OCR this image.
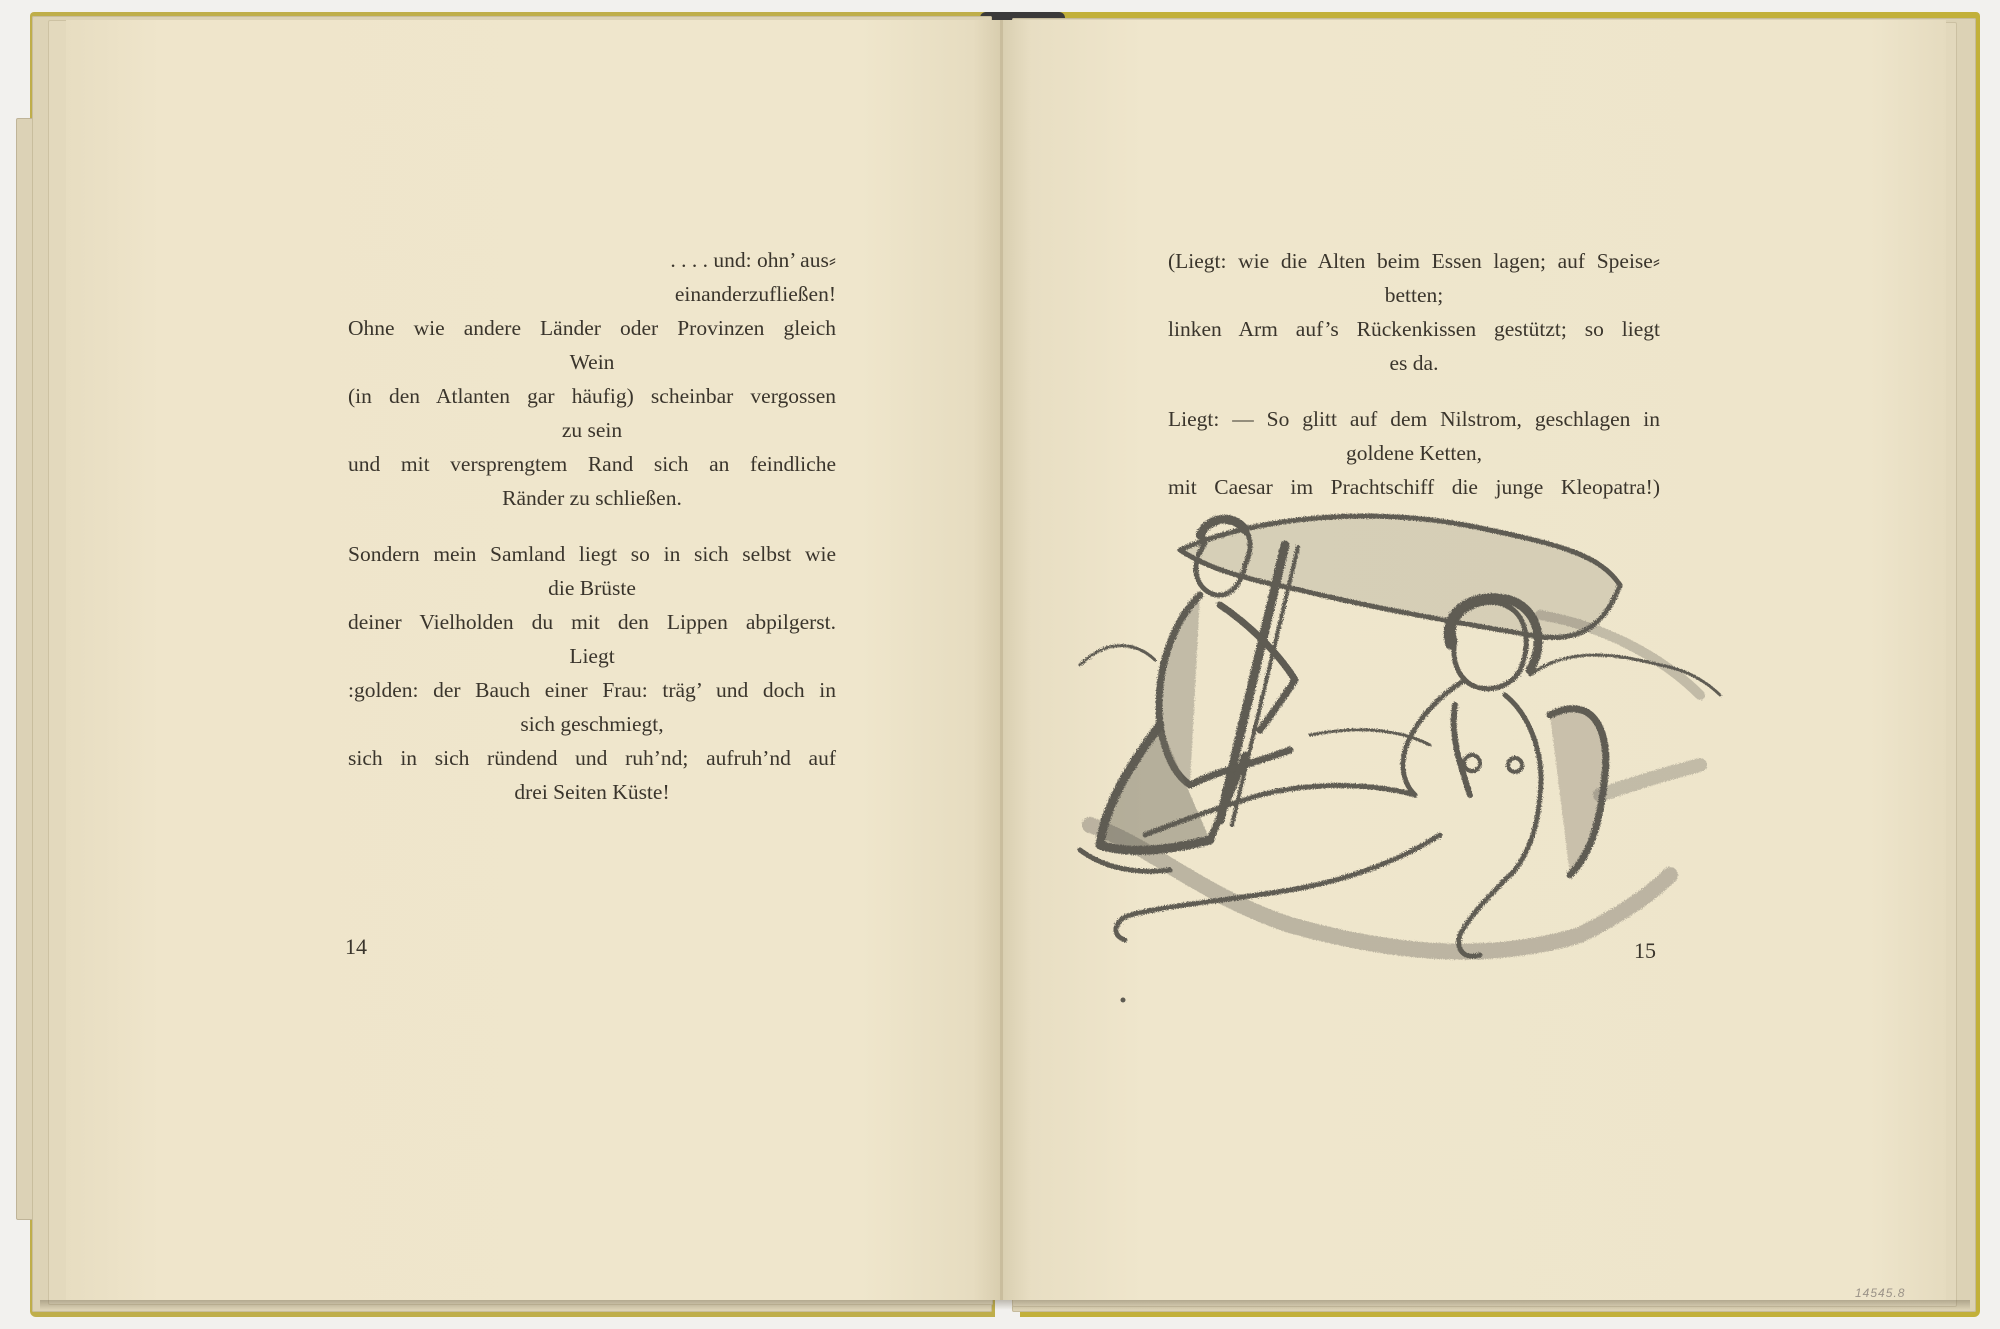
. . . . und: ohn’ aus⸗
einanderzufließen!
Ohne wie andere Länder oder Provinzen gleich
Wein
(in den Atlanten gar häufig) scheinbar vergossen
zu sein
und mit versprengtem Rand sich an feindliche
Ränder zu schließen.
Sondern mein Samland liegt so in sich selbst wie
die Brüste
deiner Vielholden du mit den Lippen abpilgerst.
Liegt
:golden: der Bauch einer Frau: träg’ und doch in
sich geschmiegt,
sich in sich ründend und ruh’nd; aufruh’nd auf
drei Seiten Küste!
14
(Liegt: wie die Alten beim Essen lagen; auf Speise⸗
betten;
linken Arm auf’s Rückenkissen gestützt; so liegt
es da.
Liegt: — So glitt auf dem Nilstrom, geschlagen in
goldene Ketten,
mit Caesar im Prachtschiff die junge Kleopatra!)
15
14545.8
